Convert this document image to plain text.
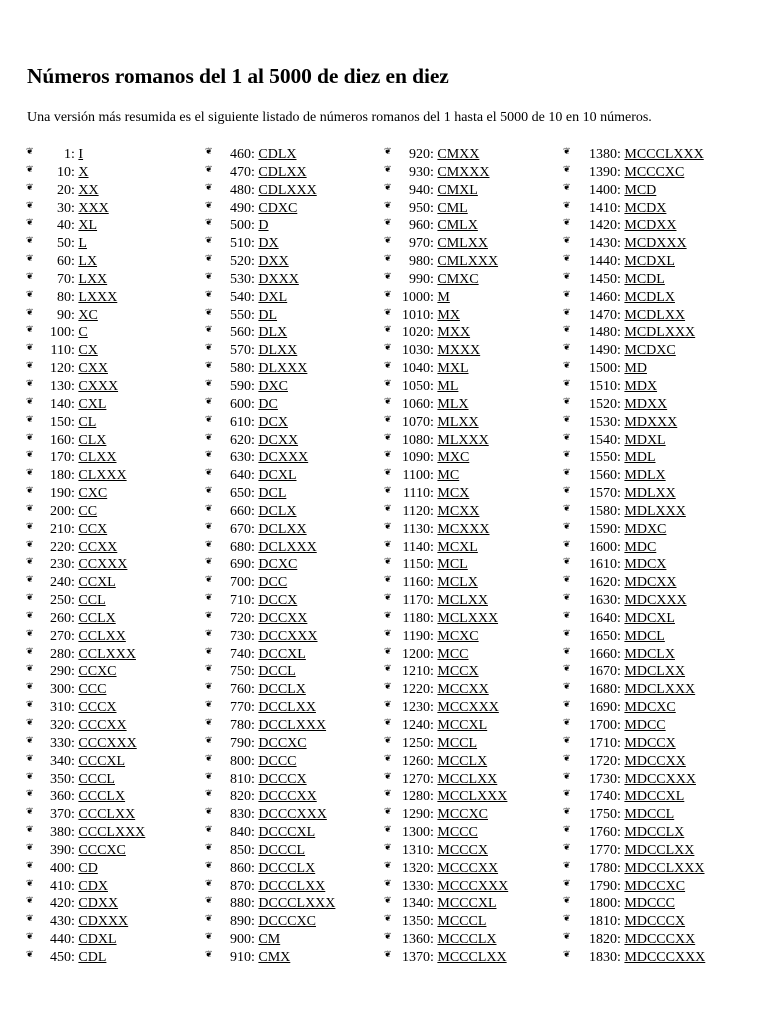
Números romanos del 1 al 5000 de diez en diez

Una versión más resumida es el siguiente listado de números romanos del 1 hasta el 5000 de 10 en 10 números.

❦ 1: I
❦ 10: X
❦ 20: XX
❦ 30: XXX
❦ 40: XL
❦ 50: L
❦ 60: LX
❦ 70: LXX
❦ 80: LXXX
❦ 90: XC
❦ 100: C
❦ 110: CX
❦ 120: CXX
❦ 130: CXXX
❦ 140: CXL
❦ 150: CL
❦ 160: CLX
❦ 170: CLXX
❦ 180: CLXXX
❦ 190: CXC
❦ 200: CC
❦ 210: CCX
❦ 220: CCXX
❦ 230: CCXXX
❦ 240: CCXL
❦ 250: CCL
❦ 260: CCLX
❦ 270: CCLXX
❦ 280: CCLXXX
❦ 290: CCXC
❦ 300: CCC
❦ 310: CCCX
❦ 320: CCCXX
❦ 330: CCCXXX
❦ 340: CCCXL
❦ 350: CCCL
❦ 360: CCCLX
❦ 370: CCCLXX
❦ 380: CCCLXXX
❦ 390: CCCXC
❦ 400: CD
❦ 410: CDX
❦ 420: CDXX
❦ 430: CDXXX
❦ 440: CDXL
❦ 450: CDL
❦ 460: CDLX
❦ 470: CDLXX
❦ 480: CDLXXX
❦ 490: CDXC
❦ 500: D
❦ 510: DX
❦ 520: DXX
❦ 530: DXXX
❦ 540: DXL
❦ 550: DL
❦ 560: DLX
❦ 570: DLXX
❦ 580: DLXXX
❦ 590: DXC
❦ 600: DC
❦ 610: DCX
❦ 620: DCXX
❦ 630: DCXXX
❦ 640: DCXL
❦ 650: DCL
❦ 660: DCLX
❦ 670: DCLXX
❦ 680: DCLXXX
❦ 690: DCXC
❦ 700: DCC
❦ 710: DCCX
❦ 720: DCCXX
❦ 730: DCCXXX
❦ 740: DCCXL
❦ 750: DCCL
❦ 760: DCCLX
❦ 770: DCCLXX
❦ 780: DCCLXXX
❦ 790: DCCXC
❦ 800: DCCC
❦ 810: DCCCX
❦ 820: DCCCXX
❦ 830: DCCCXXX
❦ 840: DCCCXL
❦ 850: DCCCL
❦ 860: DCCCLX
❦ 870: DCCCLXX
❦ 880: DCCCLXXX
❦ 890: DCCCXC
❦ 900: CM
❦ 910: CMX
❦ 920: CMXX
❦ 930: CMXXX
❦ 940: CMXL
❦ 950: CML
❦ 960: CMLX
❦ 970: CMLXX
❦ 980: CMLXXX
❦ 990: CMXC
❦ 1000: M
❦ 1010: MX
❦ 1020: MXX
❦ 1030: MXXX
❦ 1040: MXL
❦ 1050: ML
❦ 1060: MLX
❦ 1070: MLXX
❦ 1080: MLXXX
❦ 1090: MXC
❦ 1100: MC
❦ 1110: MCX
❦ 1120: MCXX
❦ 1130: MCXXX
❦ 1140: MCXL
❦ 1150: MCL
❦ 1160: MCLX
❦ 1170: MCLXX
❦ 1180: MCLXXX
❦ 1190: MCXC
❦ 1200: MCC
❦ 1210: MCCX
❦ 1220: MCCXX
❦ 1230: MCCXXX
❦ 1240: MCCXL
❦ 1250: MCCL
❦ 1260: MCCLX
❦ 1270: MCCLXX
❦ 1280: MCCLXXX
❦ 1290: MCCXC
❦ 1300: MCCC
❦ 1310: MCCCX
❦ 1320: MCCCXX
❦ 1330: MCCCXXX
❦ 1340: MCCCXL
❦ 1350: MCCCL
❦ 1360: MCCCLX
❦ 1370: MCCCLXX
❦ 1380: MCCCLXXX
❦ 1390: MCCCXC
❦ 1400: MCD
❦ 1410: MCDX
❦ 1420: MCDXX
❦ 1430: MCDXXX
❦ 1440: MCDXL
❦ 1450: MCDL
❦ 1460: MCDLX
❦ 1470: MCDLXX
❦ 1480: MCDLXXX
❦ 1490: MCDXC
❦ 1500: MD
❦ 1510: MDX
❦ 1520: MDXX
❦ 1530: MDXXX
❦ 1540: MDXL
❦ 1550: MDL
❦ 1560: MDLX
❦ 1570: MDLXX
❦ 1580: MDLXXX
❦ 1590: MDXC
❦ 1600: MDC
❦ 1610: MDCX
❦ 1620: MDCXX
❦ 1630: MDCXXX
❦ 1640: MDCXL
❦ 1650: MDCL
❦ 1660: MDCLX
❦ 1670: MDCLXX
❦ 1680: MDCLXXX
❦ 1690: MDCXC
❦ 1700: MDCC
❦ 1710: MDCCX
❦ 1720: MDCCXX
❦ 1730: MDCCXXX
❦ 1740: MDCCXL
❦ 1750: MDCCL
❦ 1760: MDCCLX
❦ 1770: MDCCLXX
❦ 1780: MDCCLXXX
❦ 1790: MDCCXC
❦ 1800: MDCCC
❦ 1810: MDCCCX
❦ 1820: MDCCCXX
❦ 1830: MDCCCXXX
